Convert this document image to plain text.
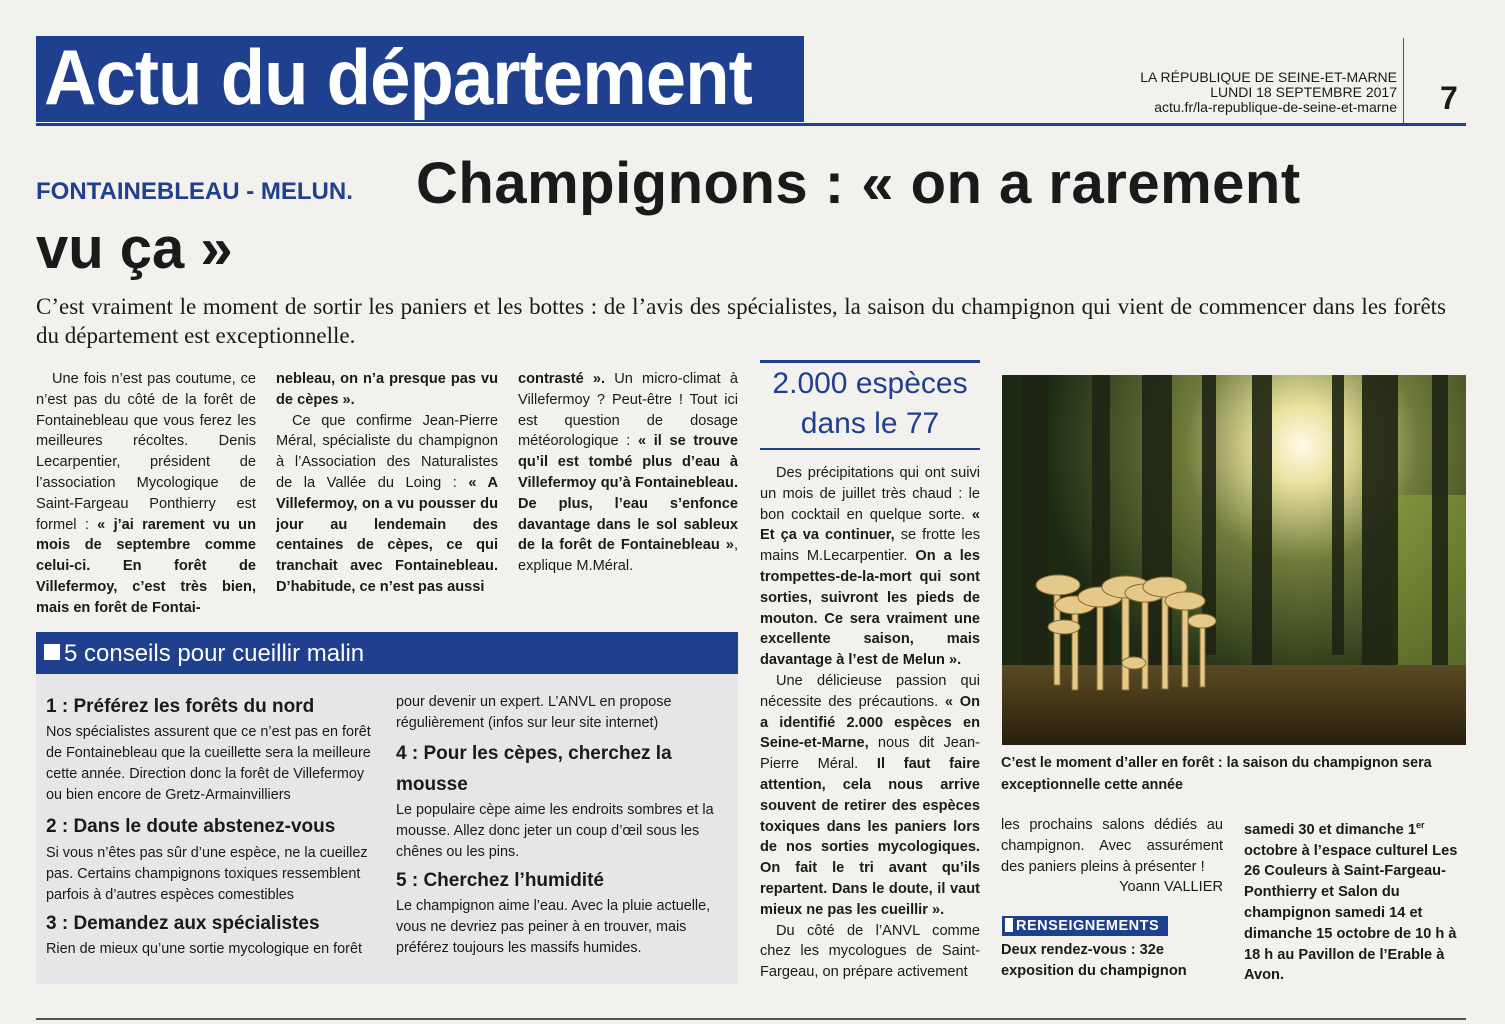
Actu du département	LA RÉPUBLIQUE DE SEINE-ET-MARNE
LUNDI 18 SEPTEMBRE 2017
actu.fr/la-republique-de-seine-et-marne 7
FONTAINEBLEAU - MELUN. Champignons : « on a rarement
vu ça »
C’est vraiment le moment de sortir les paniers et les bottes : de l’avis des spécialistes, la saison du champignon qui vient de commencer dans les forêts du département est exceptionnelle.

Une fois n’est pas coutume, ce n’est pas du côté de la forêt de Fontainebleau que vous ferez les meilleures récoltes. Denis Lecarpentier, président de l’association Mycologique de Saint-Fargeau Ponthierry est formel : « j’ai rarement vu un mois de septembre comme celui-ci. En forêt de Villefermoy, c’est très bien, mais en forêt de Fontai-

nebleau, on n’a presque pas vu de cèpes ».

Ce que confirme Jean-Pierre Méral, spécialiste du champignon à l’Association des Naturalistes de la Vallée du Loing : « A Villefermoy, on a vu pousser du jour au lendemain des centaines de cèpes, ce qui tranchait avec Fontainebleau. D’habitude, ce n’est pas aussi

contrasté ». Un micro-climat à Villefermoy ? Peut-être ! Tout ici est question de dosage météorologique : « il se trouve qu’il est tombé plus d’eau à Villefermoy qu’à Fontainebleau. De plus, l’eau s’enfonce davantage dans le sol sableux de la forêt de Fontainebleau », explique M.Méral.

2.000 espèces
dans le 77

Des précipitations qui ont suivi un mois de juillet très chaud : le bon cocktail en quelque sorte. « Et ça va continuer, se frotte les mains M.Lecarpentier. On a les trompettes-de-la-mort qui sont sorties, suivront les pieds de mouton. Ce sera vraiment une excellente saison, mais davantage à l’est de Melun ».

Une délicieuse passion qui nécessite des précautions. « On a identifié 2.000 espèces en Seine-et-Marne, nous dit Jean-Pierre Méral. Il faut faire attention, cela nous arrive souvent de retirer des espèces toxiques dans les paniers lors de nos sorties mycologiques. On fait le tri avant qu’ils repartent. Dans le doute, il vaut mieux ne pas les cueillir ».

Du côté de l’ANVL comme chez les mycologues de Saint-Fargeau, on prépare activement

C’est le moment d’aller en forêt : la saison du champignon sera exceptionnelle cette année

les prochains salons dédiés au champignon. Avec assurément des paniers pleins à présenter !

Yoann VALLIER

RENSEIGNEMENTS
Deux rendez-vous : 32e exposition du champignon
samedi 30 et dimanche 1er octobre à l’espace culturel Les 26 Couleurs à Saint-Fargeau-Ponthierry et Salon du champignon samedi 14 et dimanche 15 octobre de 10 h à 18 h au Pavillon de l’Erable à Avon.
5 conseils pour cueillir malin

1 : Préférez les forêts du nord
Nos spécialistes assurent que ce n’est pas en forêt de Fontainebleau que la cueillette sera la meilleure cette année. Direction donc la forêt de Villefermoy ou bien encore de Gretz-Armainvilliers

2 : Dans le doute abstenez-vous
Si vous n’êtes pas sûr d’une espèce, ne la cueillez pas. Certains champignons toxiques ressemblent parfois à d’autres espèces comestibles

3 : Demandez aux spécialistes
Rien de mieux qu’une sortie mycologique en forêt

pour devenir un expert. L’ANVL en propose régulièrement (infos sur leur site internet)

4 : Pour les cèpes, cherchez la mousse
Le populaire cèpe aime les endroits sombres et la mousse. Allez donc jeter un coup d’œil sous les chênes ou les pins.

5 : Cherchez l’humidité
Le champignon aime l’eau. Avec la pluie actuelle, vous ne devriez pas peiner à en trouver, mais préférez toujours les massifs humides.
